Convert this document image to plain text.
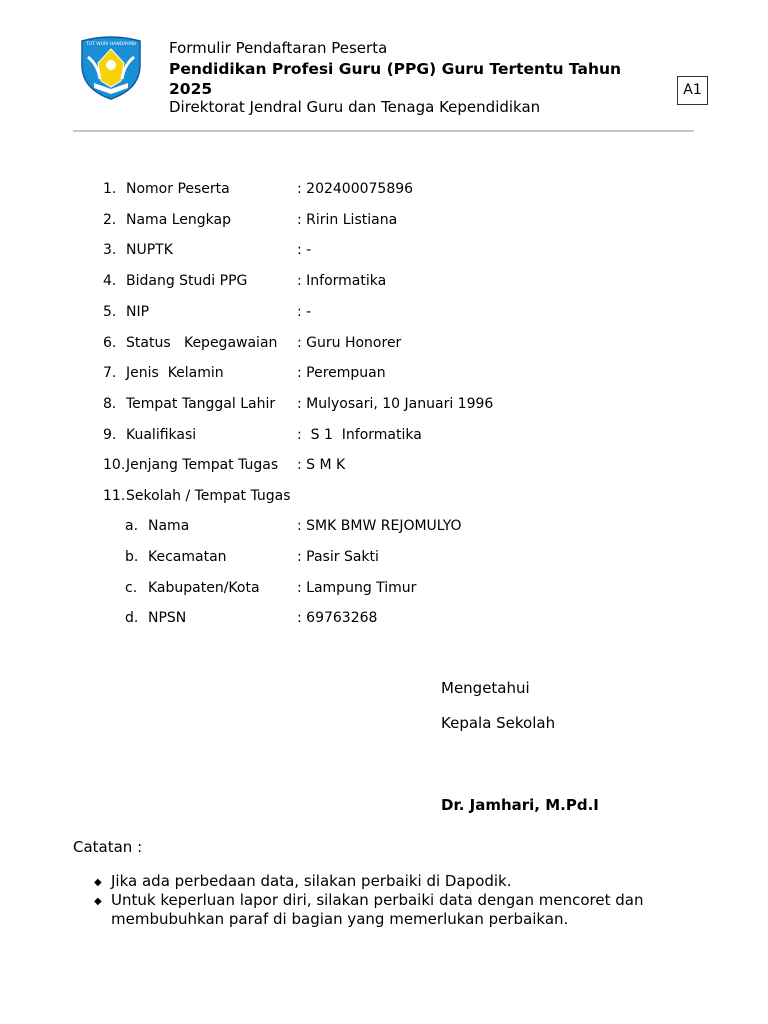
TUT WURI HANDAYANI Formulir Pendaftaran Peserta
Pendidikan Profesi Guru (PPG) Guru Tertentu Tahun 2025
Direktorat Jendral Guru dan Tenaga Kependidikan
A1
1. Nomor Peserta	: 202400075896
2. Nama Lengkap	: Ririn Listiana
3. NUPTK	: -
4. Bidang Studi PPG	: Informatika
5. NIP	: -
6. Status   Kepegawaian : Guru Honorer
7. Jenis  Kelamin	: Perempuan
8. Tempat Tanggal Lahir : Mulyosari, 10 Januari 1996
9. Kualifikasi	:  S 1  Informatika
10. Jenjang Tempat Tugas : S M K
11. Sekolah / Tempat Tugas
a. Nama	: SMK BMW REJOMULYO
b. Kecamatan	: Pasir Sakti
c. Kabupaten/Kota	: Lampung Timur
d. NPSN	: 69763268
Mengetahui
Kepala Sekolah
Dr. Jamhari, M.Pd.I
Catatan :
◆ Jika ada perbedaan data, silakan perbaiki di Dapodik.
◆ Untuk keperluan lapor diri, silakan perbaiki data dengan mencoret dan membubuhkan paraf di bagian yang memerlukan perbaikan.
